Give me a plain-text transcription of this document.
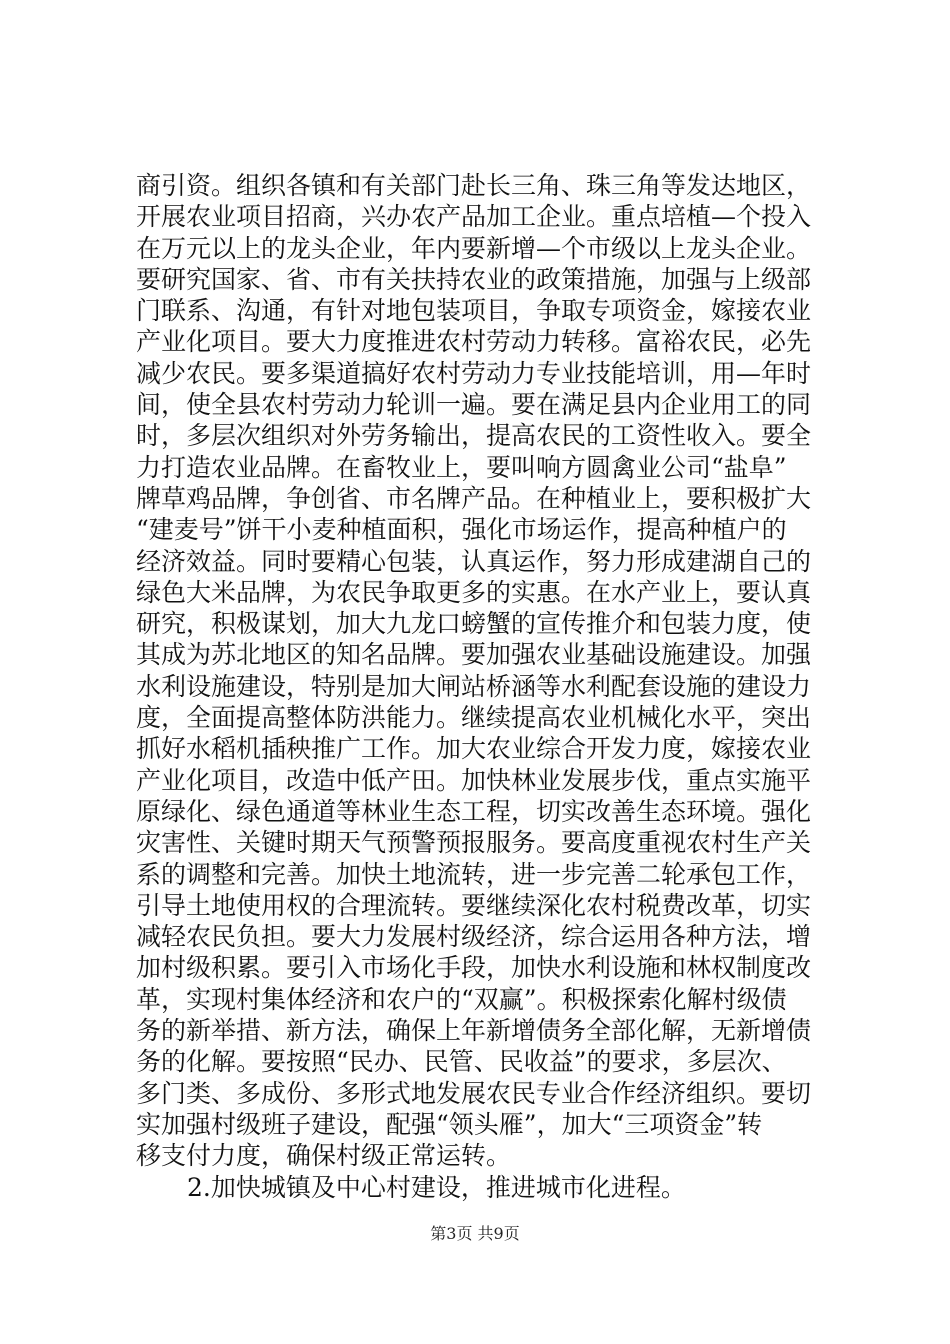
商引资。组织各镇和有关部门赴长三角、珠三角等发达地区，
开展农业项目招商，兴办农产品加工企业。重点培植—个投入
在万元以上的龙头企业，年内要新增—个市级以上龙头企业。
要研究国家、省、市有关扶持农业的政策措施，加强与上级部
门联系、沟通，有针对地包装项目，争取专项资金，嫁接农业
产业化项目。要大力度推进农村劳动力转移。富裕农民，必先
减少农民。要多渠道搞好农村劳动力专业技能培训，用—年时
间，使全县农村劳动力轮训一遍。要在满足县内企业用工的同
时，多层次组织对外劳务输出，提高农民的工资性收入。要全
力打造农业品牌。在畜牧业上，要叫响方圆禽业公司“盐阜”
牌草鸡品牌，争创省、市名牌产品。在种植业上，要积极扩大
“建麦号”饼干小麦种植面积，强化市场运作，提高种植户的
经济效益。同时要精心包装，认真运作，努力形成建湖自己的
绿色大米品牌，为农民争取更多的实惠。在水产业上，要认真
研究，积极谋划，加大九龙口螃蟹的宣传推介和包装力度，使
其成为苏北地区的知名品牌。要加强农业基础设施建设。加强
水利设施建设，特别是加大闸站桥涵等水利配套设施的建设力
度，全面提高整体防洪能力。继续提高农业机械化水平，突出
抓好水稻机插秧推广工作。加大农业综合开发力度，嫁接农业
产业化项目，改造中低产田。加快林业发展步伐，重点实施平
原绿化、绿色通道等林业生态工程，切实改善生态环境。强化
灾害性、关键时期天气预警预报服务。要高度重视农村生产关
系的调整和完善。加快土地流转，进一步完善二轮承包工作，
引导土地使用权的合理流转。要继续深化农村税费改革，切实
减轻农民负担。要大力发展村级经济，综合运用各种方法，增
加村级积累。要引入市场化手段，加快水利设施和林权制度改
革，实现村集体经济和农户的“双赢”。积极探索化解村级债
务的新举措、新方法，确保上年新增债务全部化解，无新增债
务的化解。要按照“民办、民管、民收益”的要求，多层次、
多门类、多成份、多形式地发展农民专业合作经济组织。要切
实加强村级班子建设，配强“领头雁”，加大“三项资金”转
移支付力度，确保村级正常运转。
2.加快城镇及中心村建设，推进城市化进程。
第3页 共9页
